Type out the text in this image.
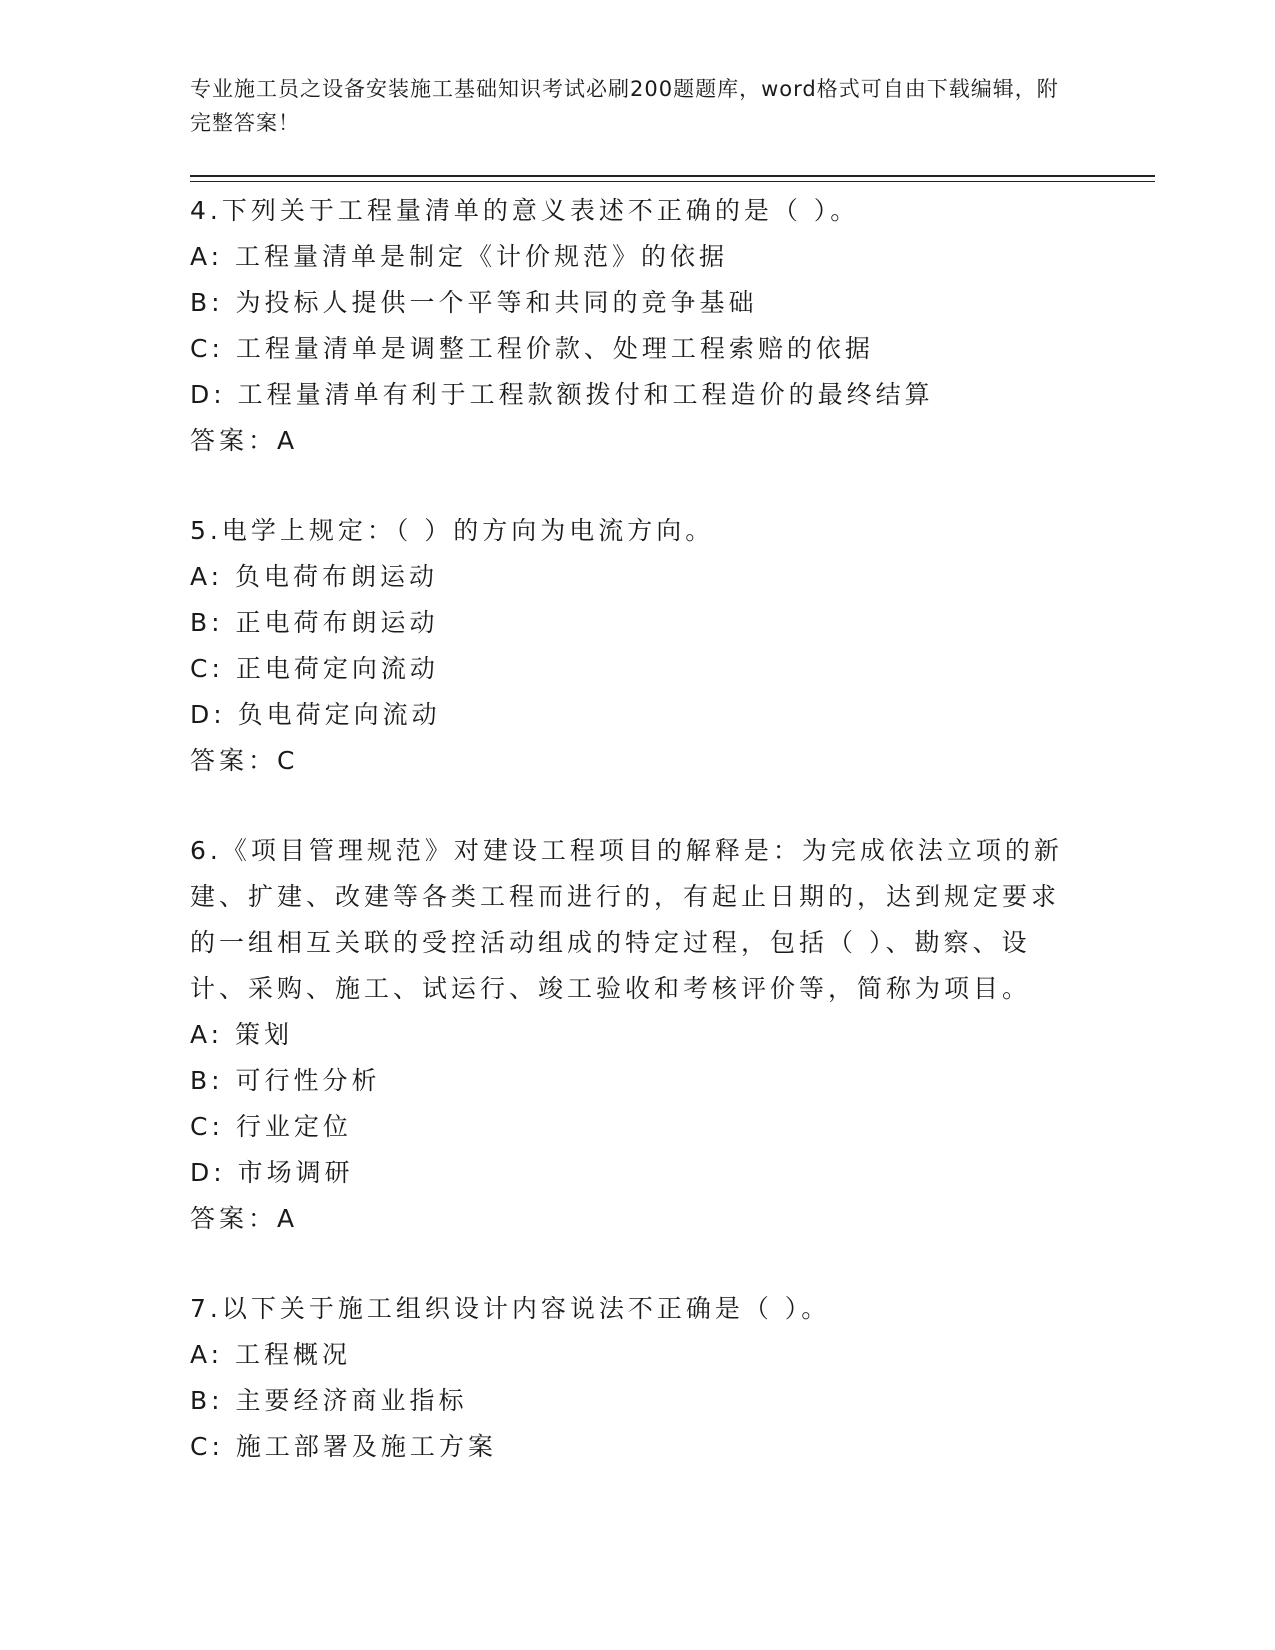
专业施工员之设备安装施工基础知识考试必刷200题题库，word格式可自由下载编辑，附完整答案！
4.下列关于工程量清单的意义表述不正确的是（ ）。
A: 工程量清单是制定《计价规范》的依据
B: 为投标人提供一个平等和共同的竞争基础
C: 工程量清单是调整工程价款、处理工程索赔的依据
D: 工程量清单有利于工程款额拨付和工程造价的最终结算
答案：A
5.电学上规定：（ ）的方向为电流方向。
A: 负电荷布朗运动
B: 正电荷布朗运动
C: 正电荷定向流动
D: 负电荷定向流动
答案：C
6.《项目管理规范》对建设工程项目的解释是：为完成依法立项的新建、扩建、改建等各类工程而进行的，有起止日期的，达到规定要求的一组相互关联的受控活动组成的特定过程，包括（ ）、勘察、设计、采购、施工、试运行、竣工验收和考核评价等，简称为项目。
A: 策划
B: 可行性分析
C: 行业定位
D: 市场调研
答案：A
7.以下关于施工组织设计内容说法不正确是（ ）。
A: 工程概况
B: 主要经济商业指标
C: 施工部署及施工方案
